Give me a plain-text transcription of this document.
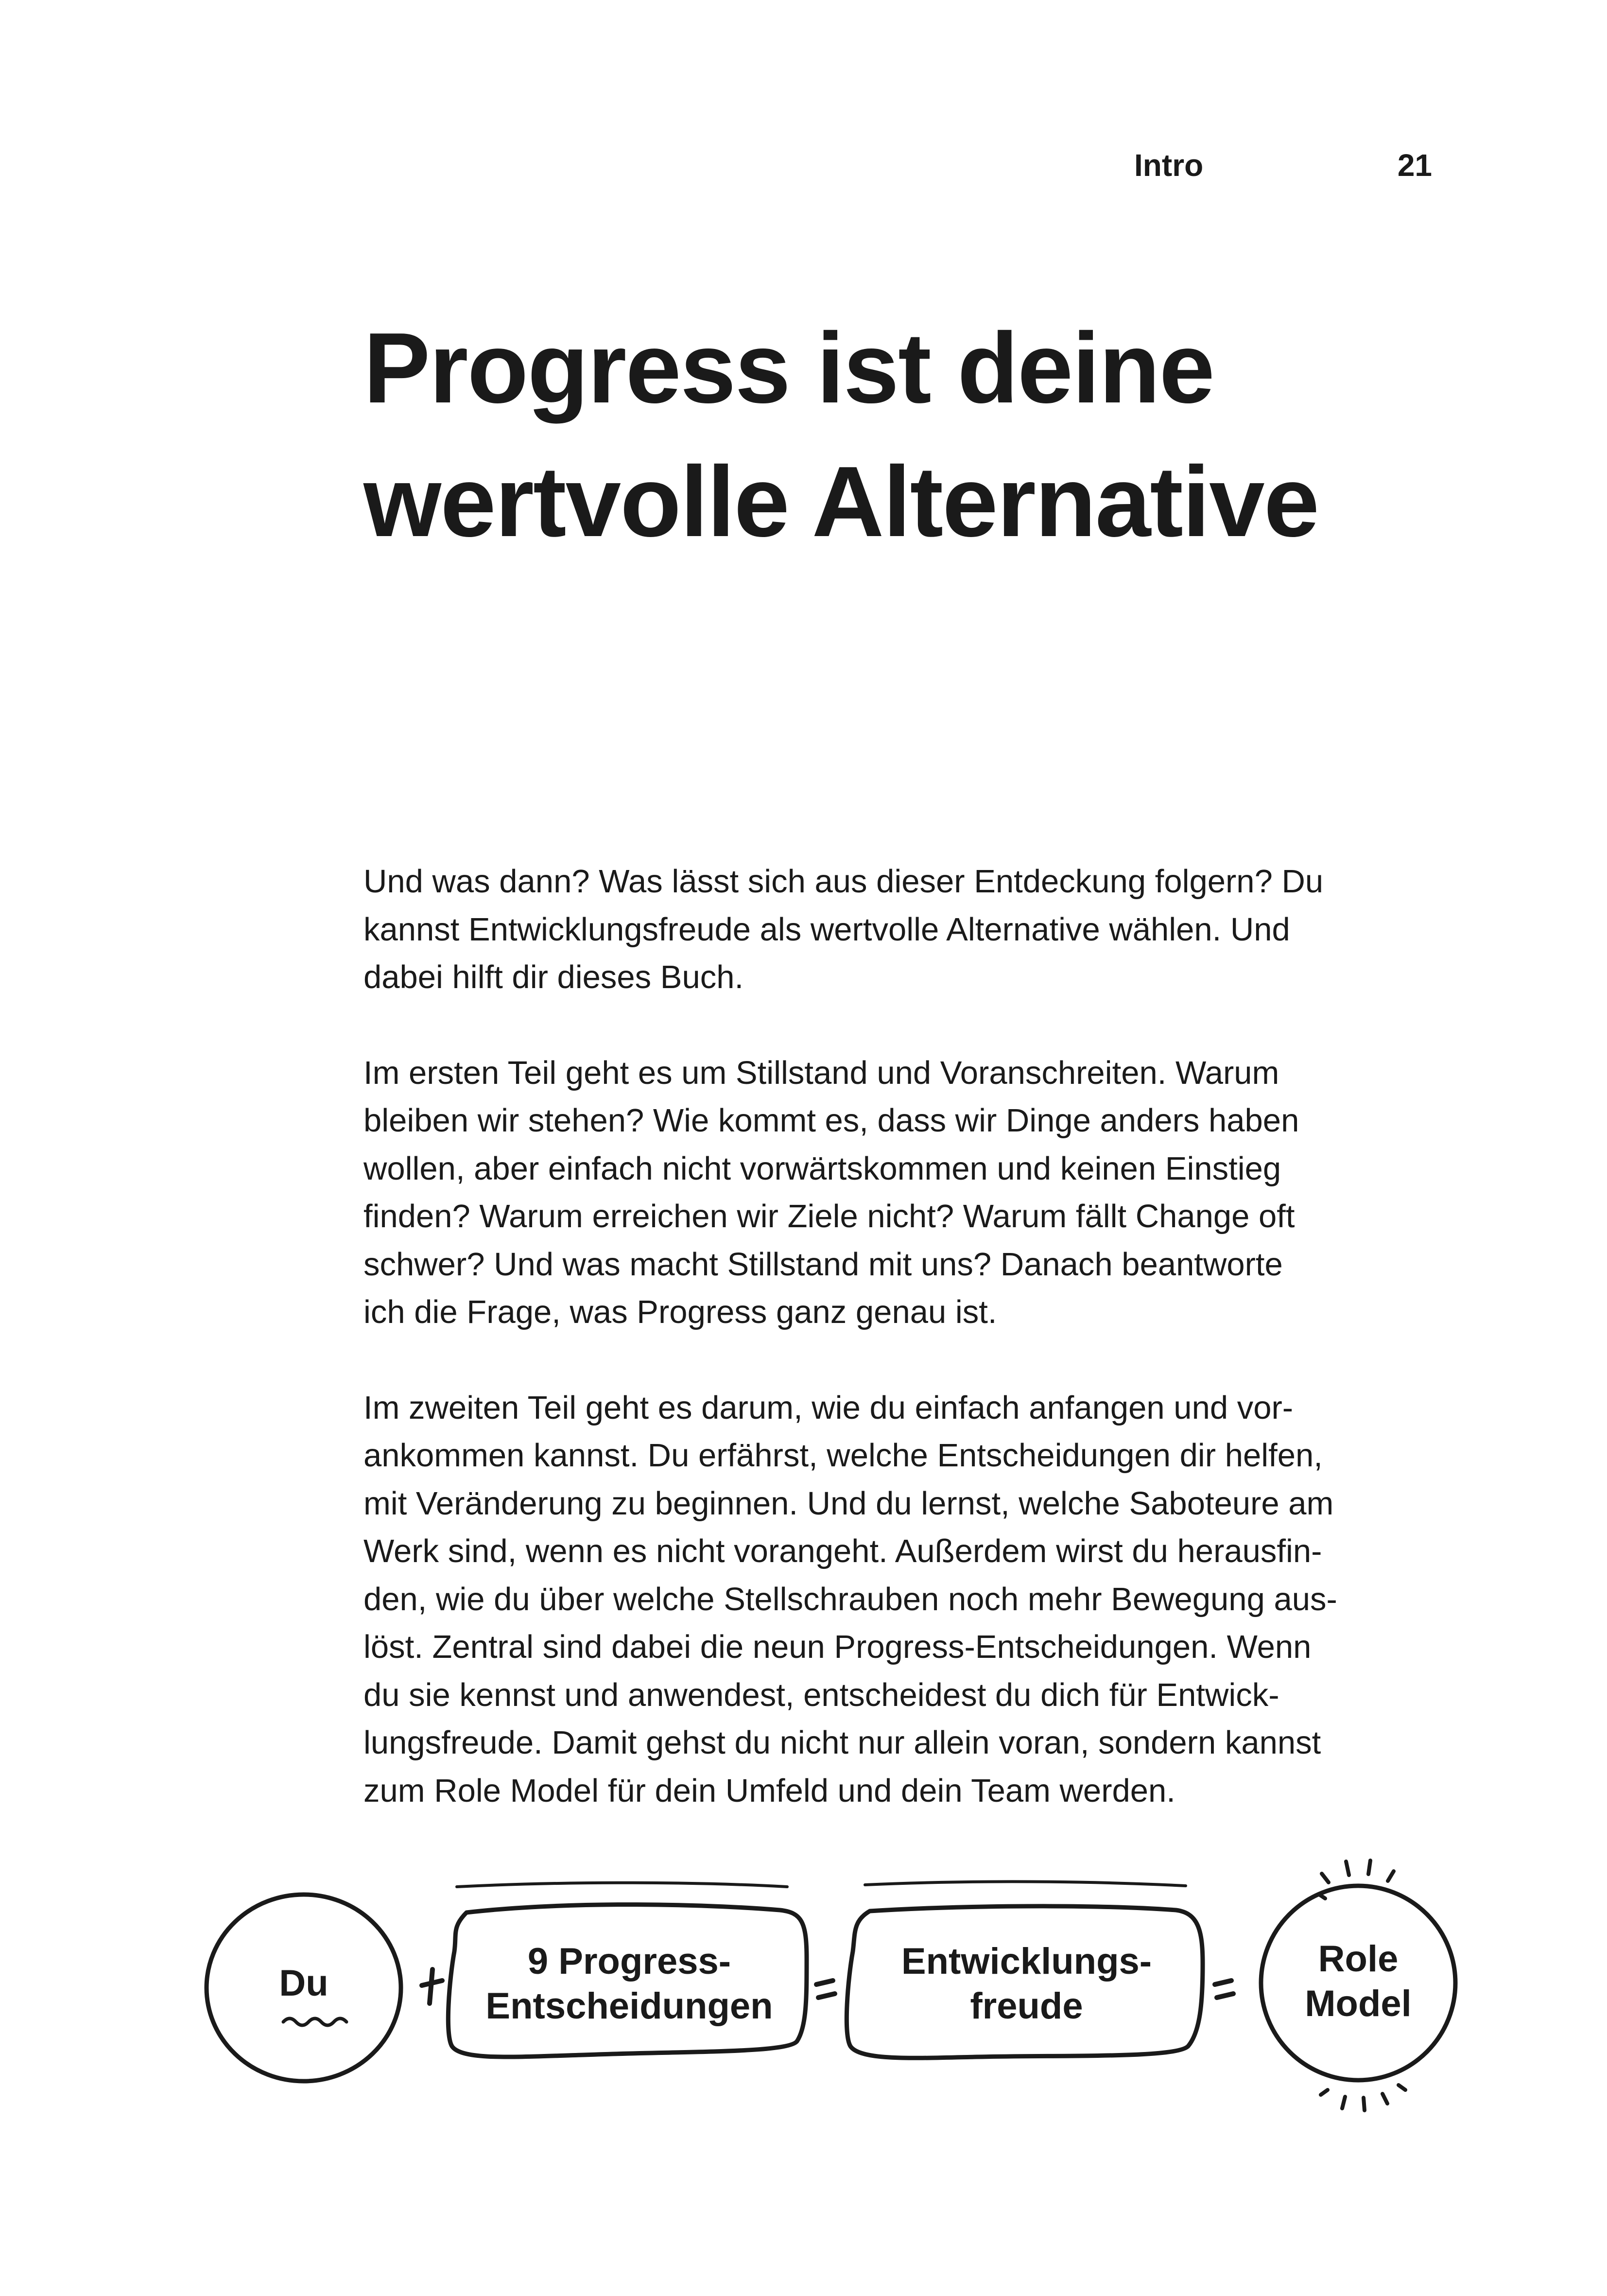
Intro	21
Progress ist deine
wertvolle Alternative

Und was dann? Was lässt sich aus dieser Entdeckung folgern? Du
kannst Entwicklungsfreude als wertvolle Alternative wählen. Und
dabei hilft dir dieses Buch.

Im ersten Teil geht es um Stillstand und Voranschreiten. Warum
bleiben wir stehen? Wie kommt es, dass wir Dinge anders haben
wollen, aber einfach nicht vorwärtskommen und keinen Einstieg
finden? Warum erreichen wir Ziele nicht? Warum fällt Change oft
schwer? Und was macht Stillstand mit uns? Danach beantworte
ich die Frage, was Progress ganz genau ist.

Im zweiten Teil geht es darum, wie du einfach anfangen und vor-
ankommen kannst. Du erfährst, welche Entscheidungen dir helfen,
mit Veränderung zu beginnen. Und du lernst, welche Saboteure am
Werk sind, wenn es nicht vorangeht. Außerdem wirst du herausfin-
den, wie du über welche Stellschrauben noch mehr Bewegung aus-
löst. Zentral sind dabei die neun Progress-Entscheidungen. Wenn
du sie kennst und anwendest, entscheidest du dich für Entwick-
lungsfreude. Damit gehst du nicht nur allein voran, sondern kannst
zum Role Model für dein Umfeld und dein Team werden.

Du
9 Progress-
Entscheidungen
Entwicklungs-
freude
Role
Model
